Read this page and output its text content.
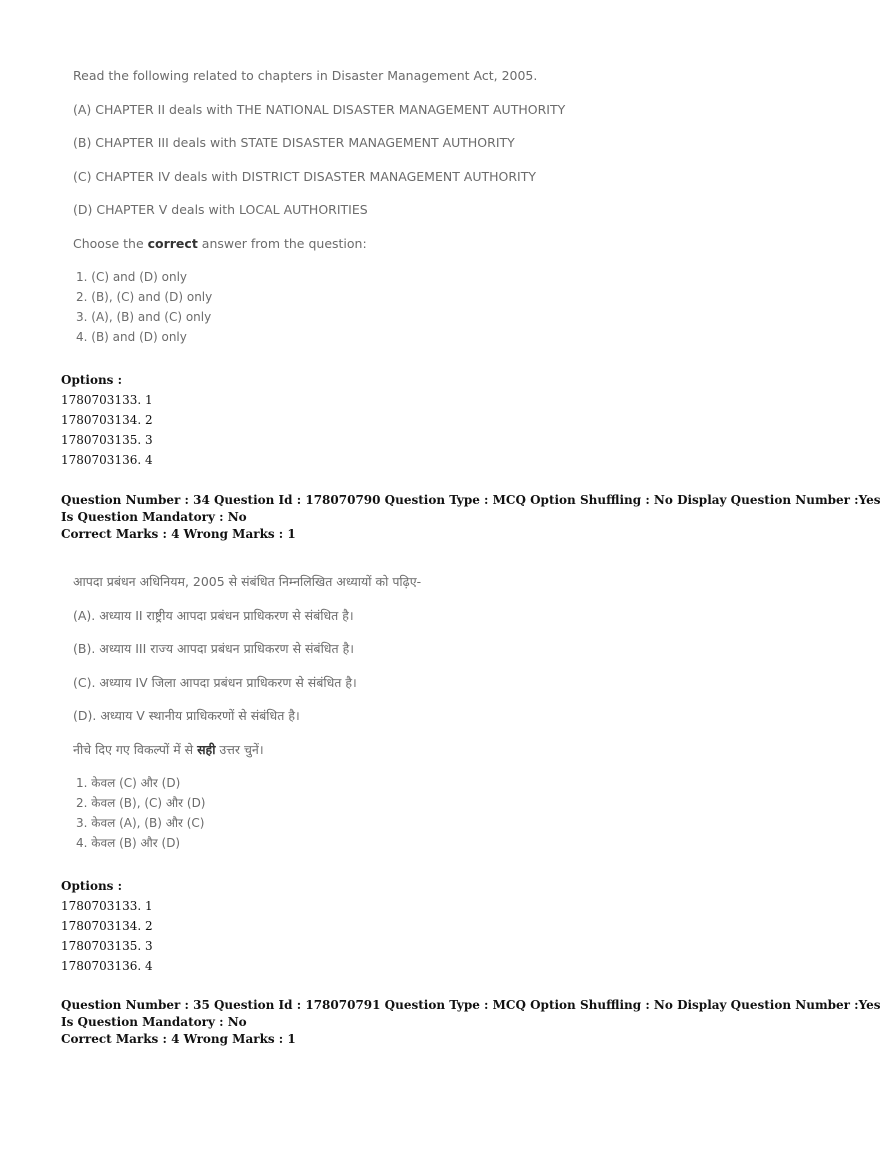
Read the following related to chapters in Disaster Management Act, 2005.
(A) CHAPTER II deals with THE NATIONAL DISASTER MANAGEMENT AUTHORITY
(B) CHAPTER III deals with STATE DISASTER MANAGEMENT AUTHORITY
(C) CHAPTER IV deals with DISTRICT DISASTER MANAGEMENT AUTHORITY
(D) CHAPTER V deals with LOCAL AUTHORITIES
Choose the correct answer from the question:
1. (C) and (D) only
2. (B), (C) and (D) only
3. (A), (B) and (C) only
4. (B) and (D) only
Options :
1780703133. 1
1780703134. 2
1780703135. 3
1780703136. 4
Question Number : 34 Question Id : 178070790 Question Type : MCQ Option Shuffling : No Display Question Number : Yes
Is Question Mandatory : No
Correct Marks : 4 Wrong Marks : 1
आपदा प्रबंधन अधिनियम, 2005 से संबंधित निम्नलिखित अध्यायों को पढ़िए-
(A). अध्याय II राष्ट्रीय आपदा प्रबंधन प्राधिकरण से संबंधित है।
(B). अध्याय III राज्य आपदा प्रबंधन प्राधिकरण से संबंधित है।
(C). अध्याय IV जिला आपदा प्रबंधन प्राधिकरण से संबंधित है।
(D). अध्याय V स्थानीय प्राधिकरणों से संबंधित है।
नीचे दिए गए विकल्पों में से सही उत्तर चुनें।
1. केवल (C) और (D)
2. केवल (B), (C) और (D)
3. केवल (A), (B) और (C)
4. केवल (B) और (D)
Options :
1780703133. 1
1780703134. 2
1780703135. 3
1780703136. 4
Question Number : 35 Question Id : 178070791 Question Type : MCQ Option Shuffling : No Display Question Number : Yes
Is Question Mandatory : No
Correct Marks : 4 Wrong Marks : 1
